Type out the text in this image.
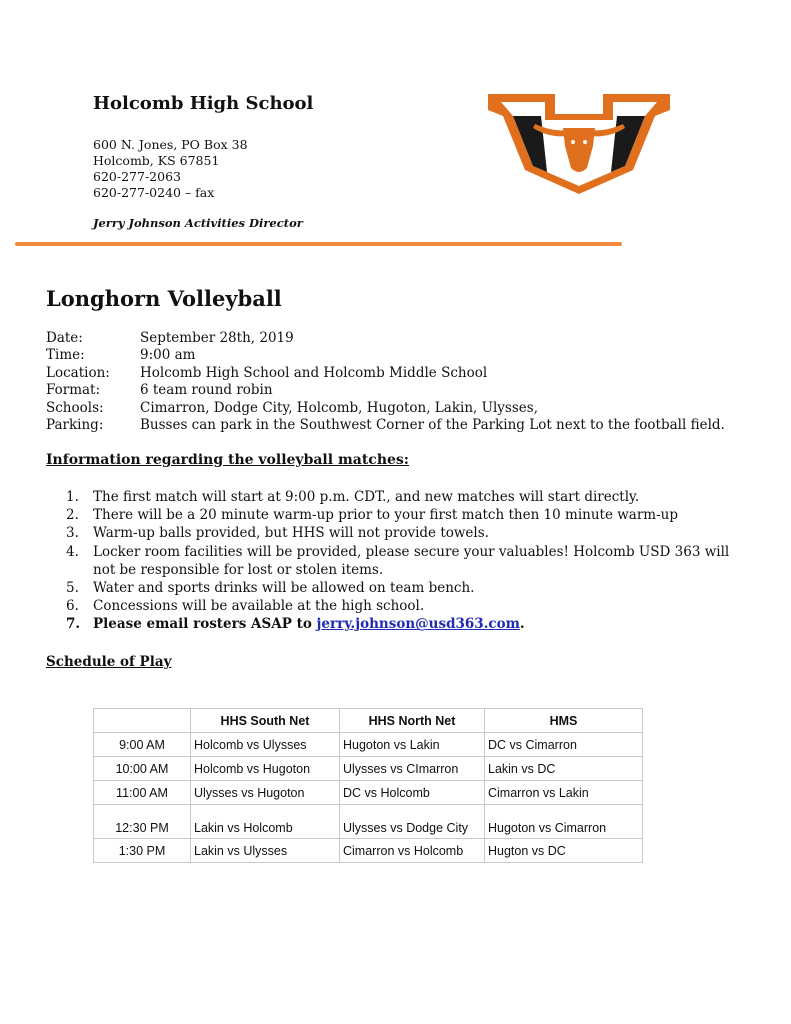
Holcomb High School
600 N. Jones, PO Box 38
Holcomb, KS 67851
620-277-2063
620-277-0240 – fax
Jerry Johnson Activities Director
Longhorn Volleyball
Date:	September 28th, 2019
Time:	9:00 am
Location:	Holcomb High School and Holcomb Middle School
Format:	6 team round robin
Schools:	Cimarron, Dodge City, Holcomb, Hugoton, Lakin, Ulysses,
Parking:	Busses can park in the Southwest Corner of the Parking Lot next to the football field.
Information regarding the volleyball matches:
1.	The first match will start at 9:00 p.m. CDT., and new matches will start directly.
2.	There will be a 20 minute warm-up prior to your first match then 10 minute warm-up
3.	Warm-up balls provided, but HHS will not provide towels.
4.	Locker room facilities will be provided, please secure your valuables! Holcomb USD 363 will not be responsible for lost or stolen items.
5.	Water and sports drinks will be allowed on team bench.
6.	Concessions will be available at the high school.
7. Please email rosters ASAP to jerry.johnson@usd363.com.
Schedule of Play
	HHS South Net	HHS North Net	HMS
9:00 AM	Holcomb vs Ulysses	Hugoton vs Lakin	DC vs Cimarron
10:00 AM	Holcomb vs Hugoton	Ulysses vs CImarron	Lakin vs DC
11:00 AM	Ulysses vs Hugoton	DC vs Holcomb	Cimarron vs Lakin
12:30 PM	Lakin vs Holcomb	Ulysses vs Dodge City	Hugoton vs Cimarron
1:30 PM	Lakin vs Ulysses	Cimarron vs Holcomb	Hugton vs DC
